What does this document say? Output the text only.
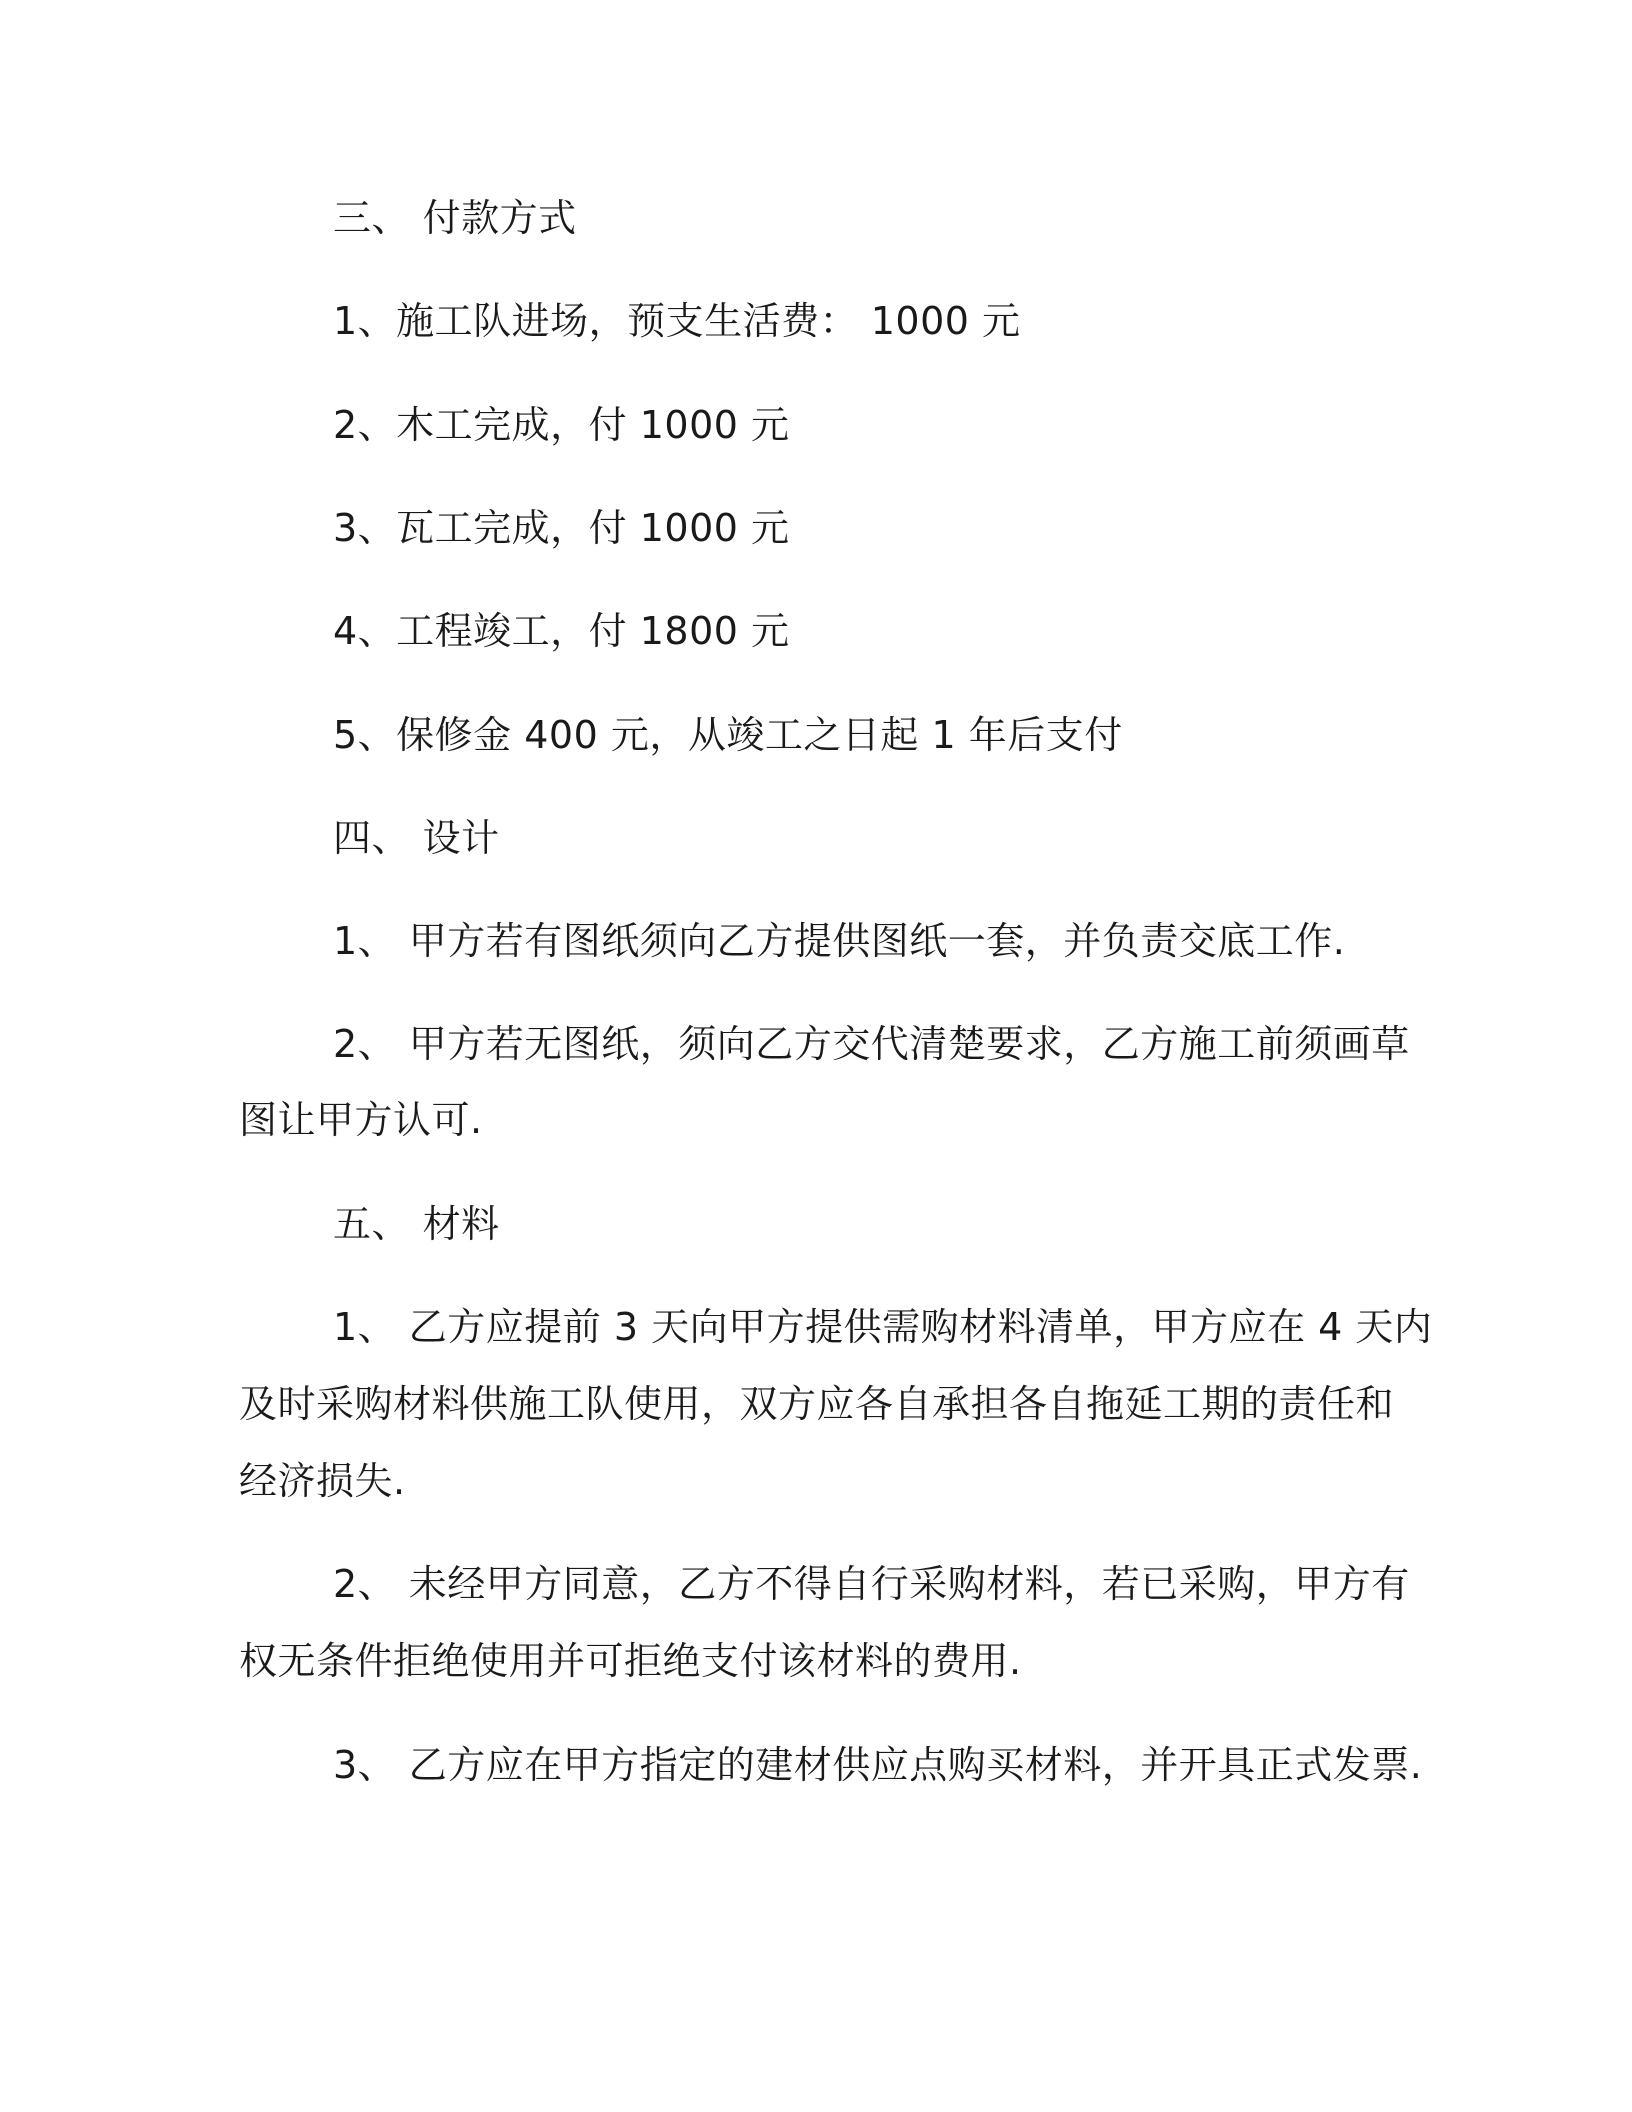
三、 付款方式
1、施工队进场，预支生活费： 1000 元
2、木工完成，付 1000 元
3、瓦工完成，付 1000 元
4、工程竣工，付 1800 元
5、保修金 400 元，从竣工之日起 1 年后支付
四、 设计
1、 甲方若有图纸须向乙方提供图纸一套，并负责交底工作.
2、 甲方若无图纸，须向乙方交代清楚要求，乙方施工前须画草
图让甲方认可.
五、 材料
1、 乙方应提前 3 天向甲方提供需购材料清单，甲方应在 4 天内
及时采购材料供施工队使用，双方应各自承担各自拖延工期的责任和
经济损失.
2、 未经甲方同意，乙方不得自行采购材料，若已采购，甲方有
权无条件拒绝使用并可拒绝支付该材料的费用.
3、 乙方应在甲方指定的建材供应点购买材料，并开具正式发票.
